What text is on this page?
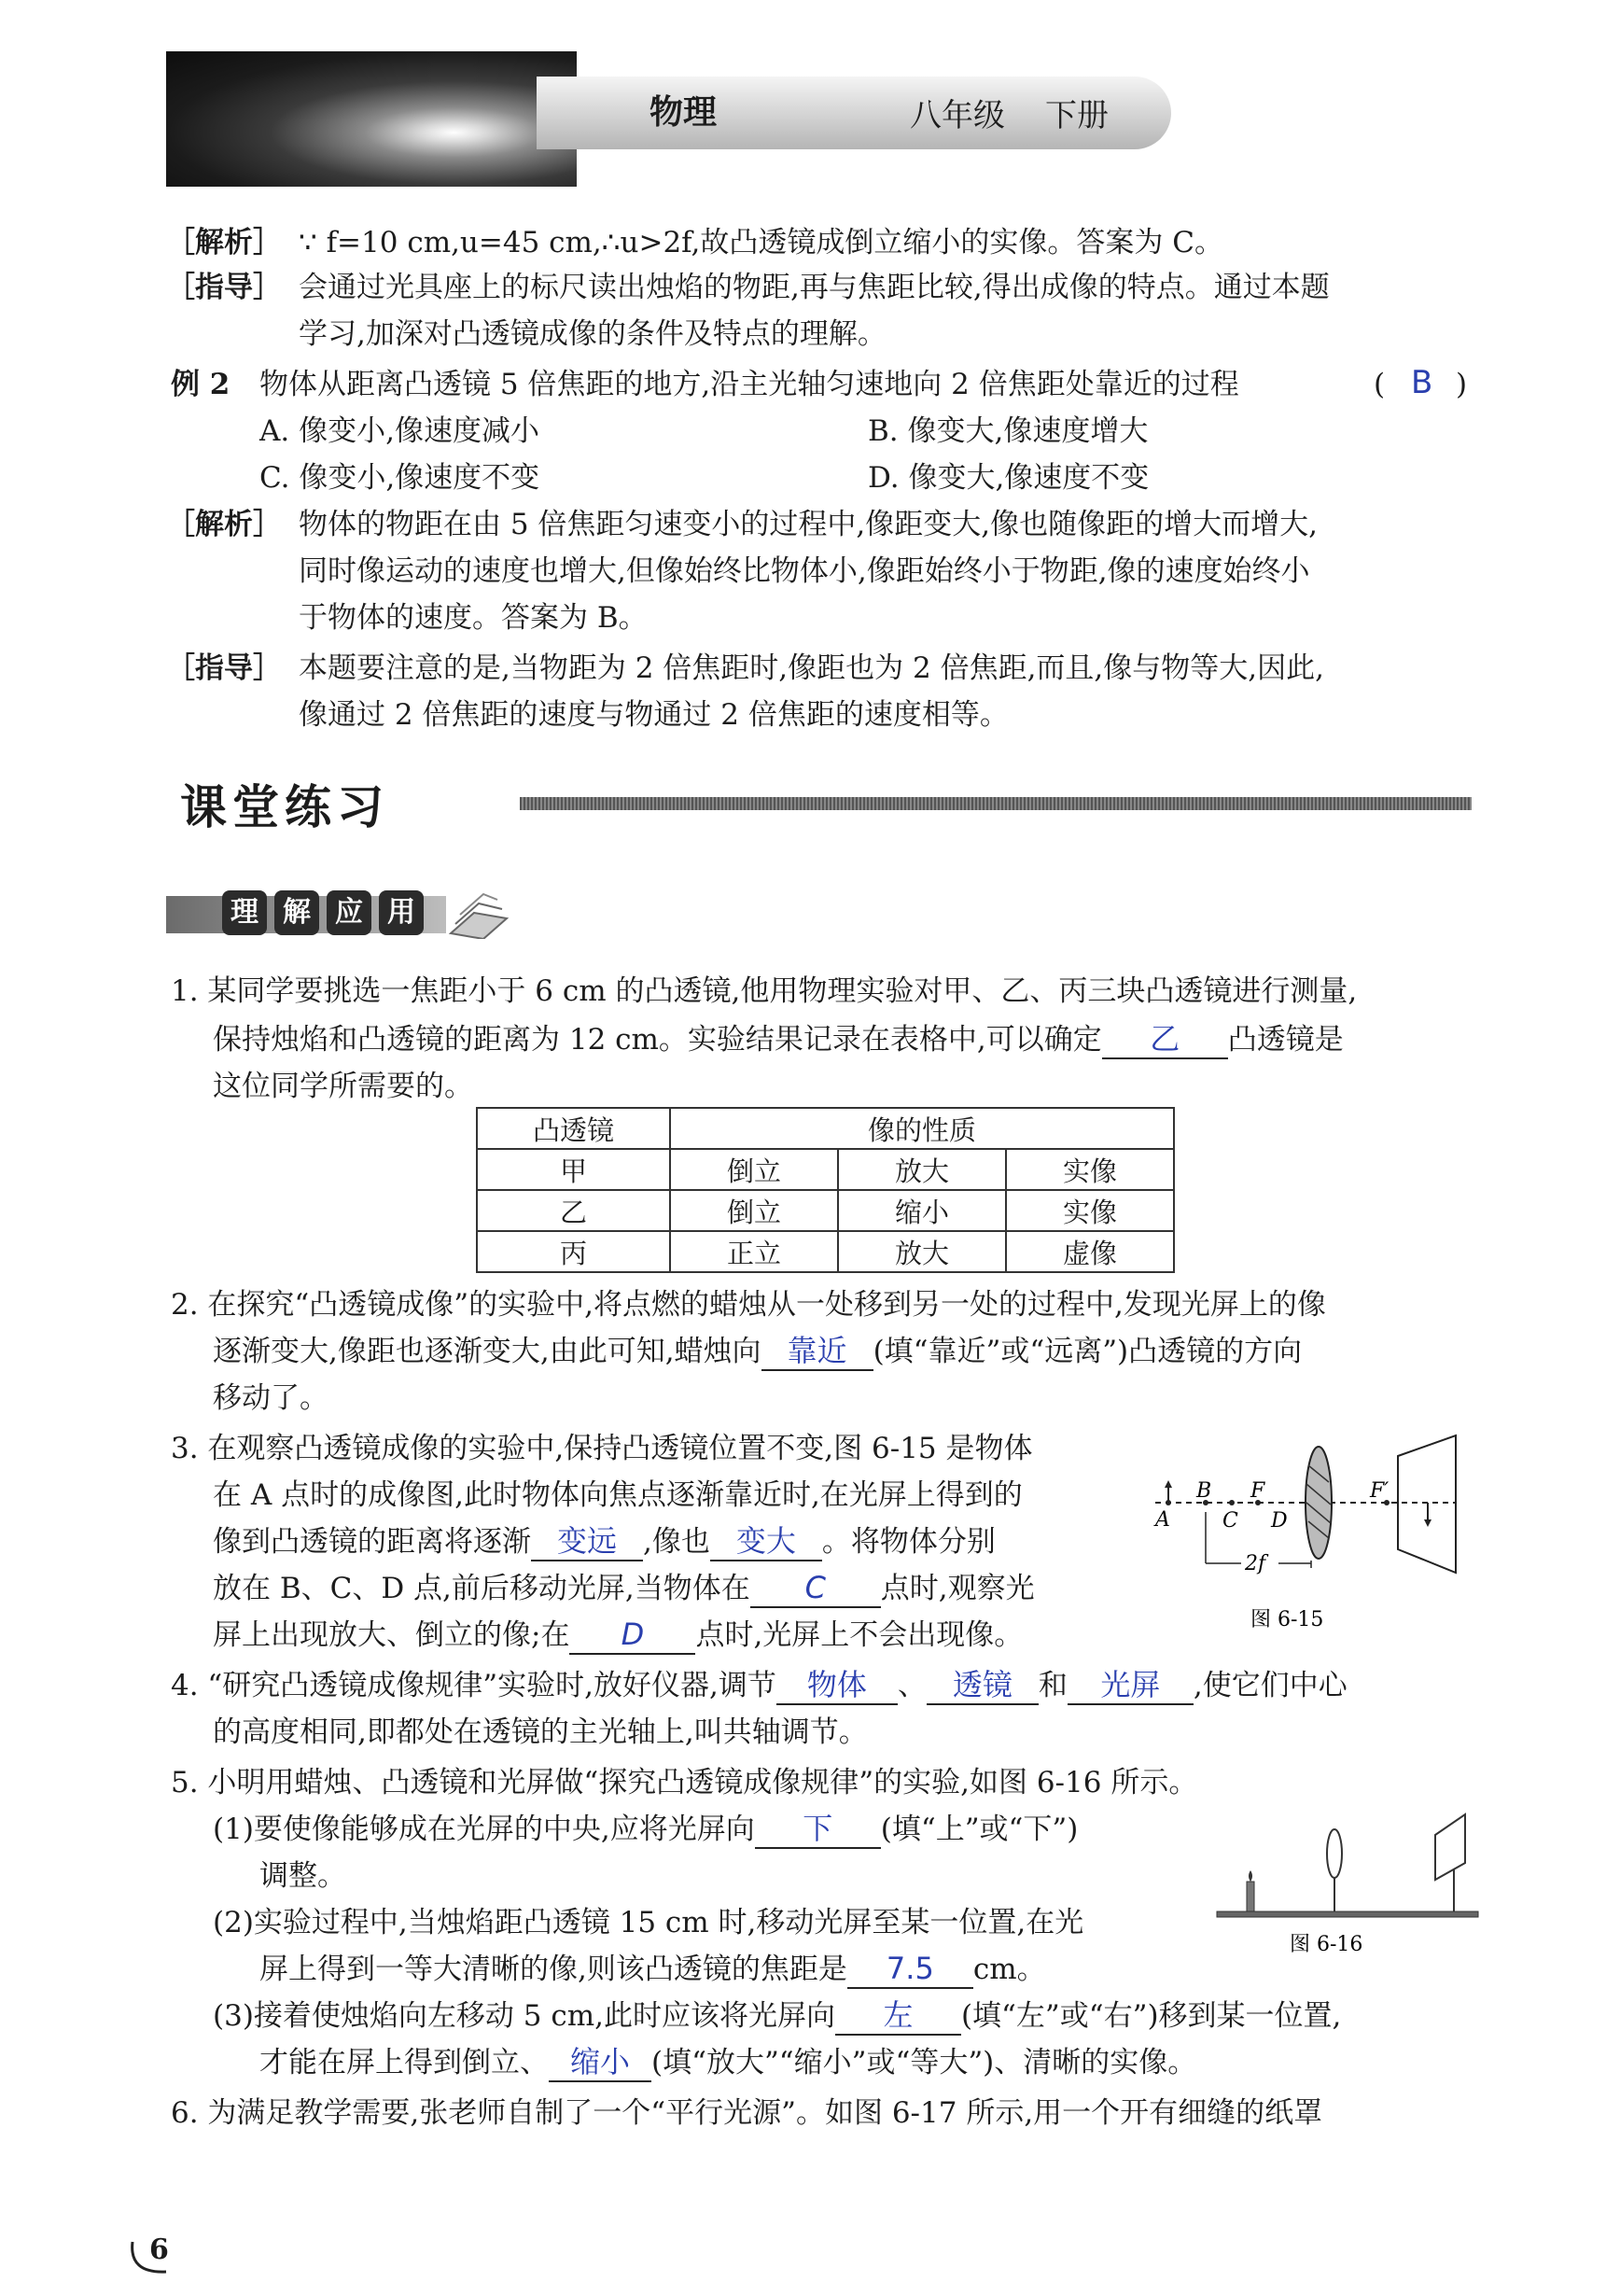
物理	八年级 下册
［解析］ ∵ f=10 cm,u=45 cm,∴u>2f,故凸透镜成倒立缩小的实像。答案为 C。
［指导］ 会通过光具座上的标尺读出烛焰的物距,再与焦距比较,得出成像的特点。通过本题
学习,加深对凸透镜成像的条件及特点的理解。
例 2 物体从距离凸透镜 5 倍焦距的地方,沿主光轴匀速地向 2 倍焦距处靠近的过程	( B )
A. 像变小,像速度减小	B. 像变大,像速度增大
C. 像变小,像速度不变	D. 像变大,像速度不变
［解析］ 物体的物距在由 5 倍焦距匀速变小的过程中,像距变大,像也随像距的增大而增大,
同时像运动的速度也增大,但像始终比物体小,像距始终小于物距,像的速度始终小
于物体的速度。答案为 B。
［指导］ 本题要注意的是,当物距为 2 倍焦距时,像距也为 2 倍焦距,而且,像与物等大,因此,
像通过 2 倍焦距的速度与物通过 2 倍焦距的速度相等。
课堂练习
理 解 应 用
1. 某同学要挑选一焦距小于 6 cm 的凸透镜,他用物理实验对甲、乙、丙三块凸透镜进行测量,
保持烛焰和凸透镜的距离为 12 cm。实验结果记录在表格中,可以确定 乙 凸透镜是
这位同学所需要的。
凸透镜	像的性质		
甲	倒立	放大	实像
乙	倒立	缩小	实像
丙	正立	放大	虚像
2. 在探究“凸透镜成像”的实验中,将点燃的蜡烛从一处移到另一处的过程中,发现光屏上的像
逐渐变大,像距也逐渐变大,由此可知,蜡烛向 靠近 (填“靠近”或“远离”)凸透镜的方向
移动了。
3. 在观察凸透镜成像的实验中,保持凸透镜位置不变,图 6-15 是物体
在 A 点时的成像图,此时物体向焦点逐渐靠近时,在光屏上得到的
像到凸透镜的距离将逐渐 变远 ,像也 变大 。将物体分别
放在 B、C、D 点,前后移动光屏,当物体在 C 点时,观察光
屏上出现放大、倒立的像;在 D 点时,光屏上不会出现像。
A
B
C
F
D
F′
2f
图 6-15
4. “研究凸透镜成像规律”实验时,放好仪器,调节 物体 、 透镜 和 光屏 ,使它们中心
的高度相同,即都处在透镜的主光轴上,叫共轴调节。
5. 小明用蜡烛、凸透镜和光屏做“探究凸透镜成像规律”的实验,如图 6-16 所示。
(1)要使像能够成在光屏的中央,应将光屏向 下 (填“上”或“下”)
调整。
(2)实验过程中,当烛焰距凸透镜 15 cm 时,移动光屏至某一位置,在光
屏上得到一等大清晰的像,则该凸透镜的焦距是 7.5 cm。
(3)接着使烛焰向左移动 5 cm,此时应该将光屏向 左 (填“左”或“右”)移到某一位置,
才能在屏上得到倒立、 缩小 (填“放大”“缩小”或“等大”)、清晰的实像。
图 6-16
6. 为满足教学需要,张老师自制了一个“平行光源”。如图 6-17 所示,用一个开有细缝的纸罩
6
